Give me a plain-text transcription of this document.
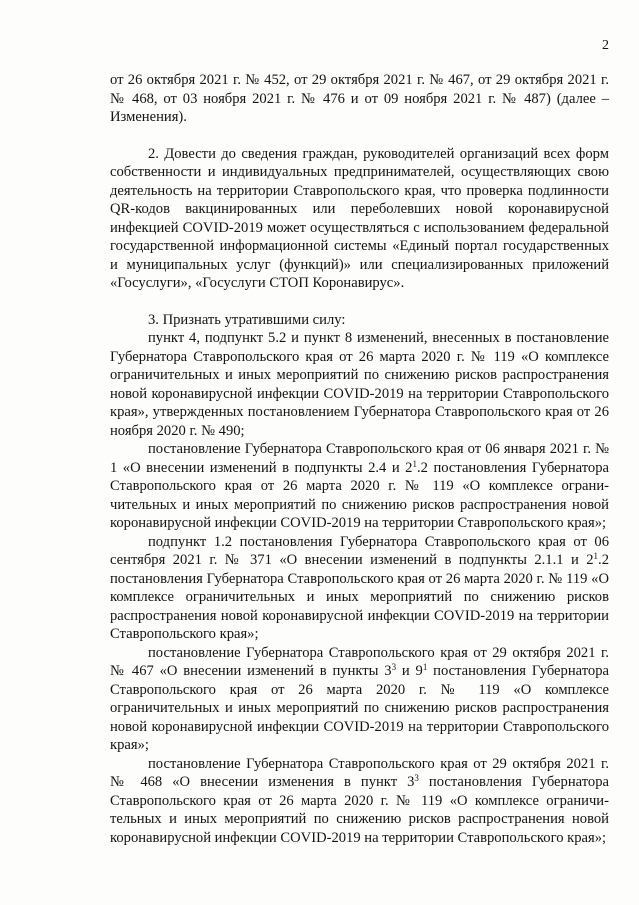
2

от 26 октября 2021 г. № 452, от 29 октября 2021 г. № 467, от 29 октября 2021 г. № 468, от 03 ноября 2021 г. № 476 и от 09 ноября 2021 г. № 487) (далее – Изменения).

2. Довести до сведения граждан, руководителей организаций всех форм собственности и индивидуальных предпринимателей, осуществляющих свою деятельность на территории Ставропольского края, что проверка подлинности QR-кодов вакцинированных или переболевших новой коронавирусной инфекцией COVID-2019 может осуществляться с использованием федеральной государственной информационной системы «Единый портал государственных и муниципальных услуг (функций)» или специализированных приложений «Госуслуги», «Госуслуги СТОП Коронавирус».

3. Признать утратившими силу:

пункт 4, подпункт 5.2 и пункт 8 изменений, внесенных в постановление Губернатора Ставропольского края от 26 марта 2020 г. № 119 «О комплексе ограничительных и иных мероприятий по снижению рисков распространения новой коронавирусной инфекции COVID-2019 на территории Ставропольского края», утвержденных постановлением Губернатора Ставропольского края от 26 ноября 2020 г. № 490;

постановление Губернатора Ставропольского края от 06 января 2021 г. № 1 «О внесении изменений в подпункты 2.4 и $2^1.2$ постановления Губернатора Ставропольского края от 26 марта 2020 г. № 119 «О комплексе ограничительных и иных мероприятий по снижению рисков распространения новой коронавирусной инфекции COVID-2019 на территории Ставропольского края»;

подпункт 1.2 постановления Губернатора Ставропольского края от 06 сентября 2021 г. № 371 «О внесении изменений в подпункты 2.1.1 и $2^1.2$ постановления Губернатора Ставропольского края от 26 марта 2020 г. № 119 «О комплексе ограничительных и иных мероприятий по снижению рисков распространения новой коронавирусной инфекции COVID-2019 на территории Ставропольского края»;

постановление Губернатора Ставропольского края от 29 октября 2021 г. № 467 «О внесении изменений в пункты $3^3$ и $9^1$ постановления Губернатора Ставропольского края от 26 марта 2020 г. № 119 «О комплексе ограничительных и иных мероприятий по снижению рисков распространения новой коронавирусной инфекции COVID-2019 на территории Ставропольского края»;

постановление Губернатора Ставропольского края от 29 октября 2021 г. № 468 «О внесении изменения в пункт $3^3$ постановления Губернатора Ставропольского края от 26 марта 2020 г. № 119 «О комплексе ограничительных и иных мероприятий по снижению рисков распространения новой коронавирусной инфекции COVID-2019 на территории Ставропольского края»;
